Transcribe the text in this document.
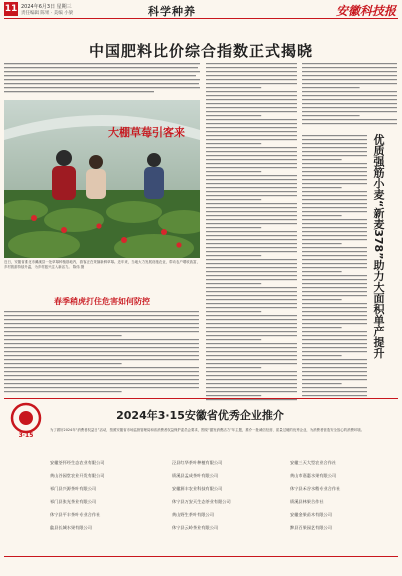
11 2024年6月3日 星期三
责任编辑 陈果 · 美编 小梁	科学种养	安徽科技报
中国肥料比价综合指数正式揭晓
大棚草莓引客来
近日，安徽省淮北市濉溪县一处草莓种植基地内，游客正在采摘新鲜草莓。近年来，当地大力发展设施农业，带动农户增收致富，乡村旅游持续升温，为乡村振兴注入新活力。 陈伟 摄
春季稍虎打住危害如何防控	优质强筋小麦“新麦378”助力大面积单产提升
3·15
2024年3·15安徽省优秀企业推介
为了做好2024年“消费者权益日”活动，按照安徽省市场监督管理局和省消费者权益保护委员会要求，围绕“激发消费活力”年主题，推介一批诚信经营、质量过硬的优秀企业，为消费者营造安全放心的消费环境。
安徽荃怀经生态农业有限公司	泾县红华茶叶种植有限公司	安徽三天大型农业合作社
黄山谷园堂农业开发有限公司	绩溪县孟成茶叶有限公司	黄山市嘉惠水果有限公司
祁门县兴源茶叶有限公司	安徽源丰农业科技有限公司	休宁县禾谷水稻专业合作社
祁门县张光茶业有限公司	休宁县万安天生态茶业有限公司	绩溪县林果合作社
休宁县平丰茶叶专业合作社	黄山野生茶叶有限公司	安徽金果苗木有限公司
歙县长城水果有限公司	休宁县云岭茶业有限公司	黟县百果园艺有限公司
